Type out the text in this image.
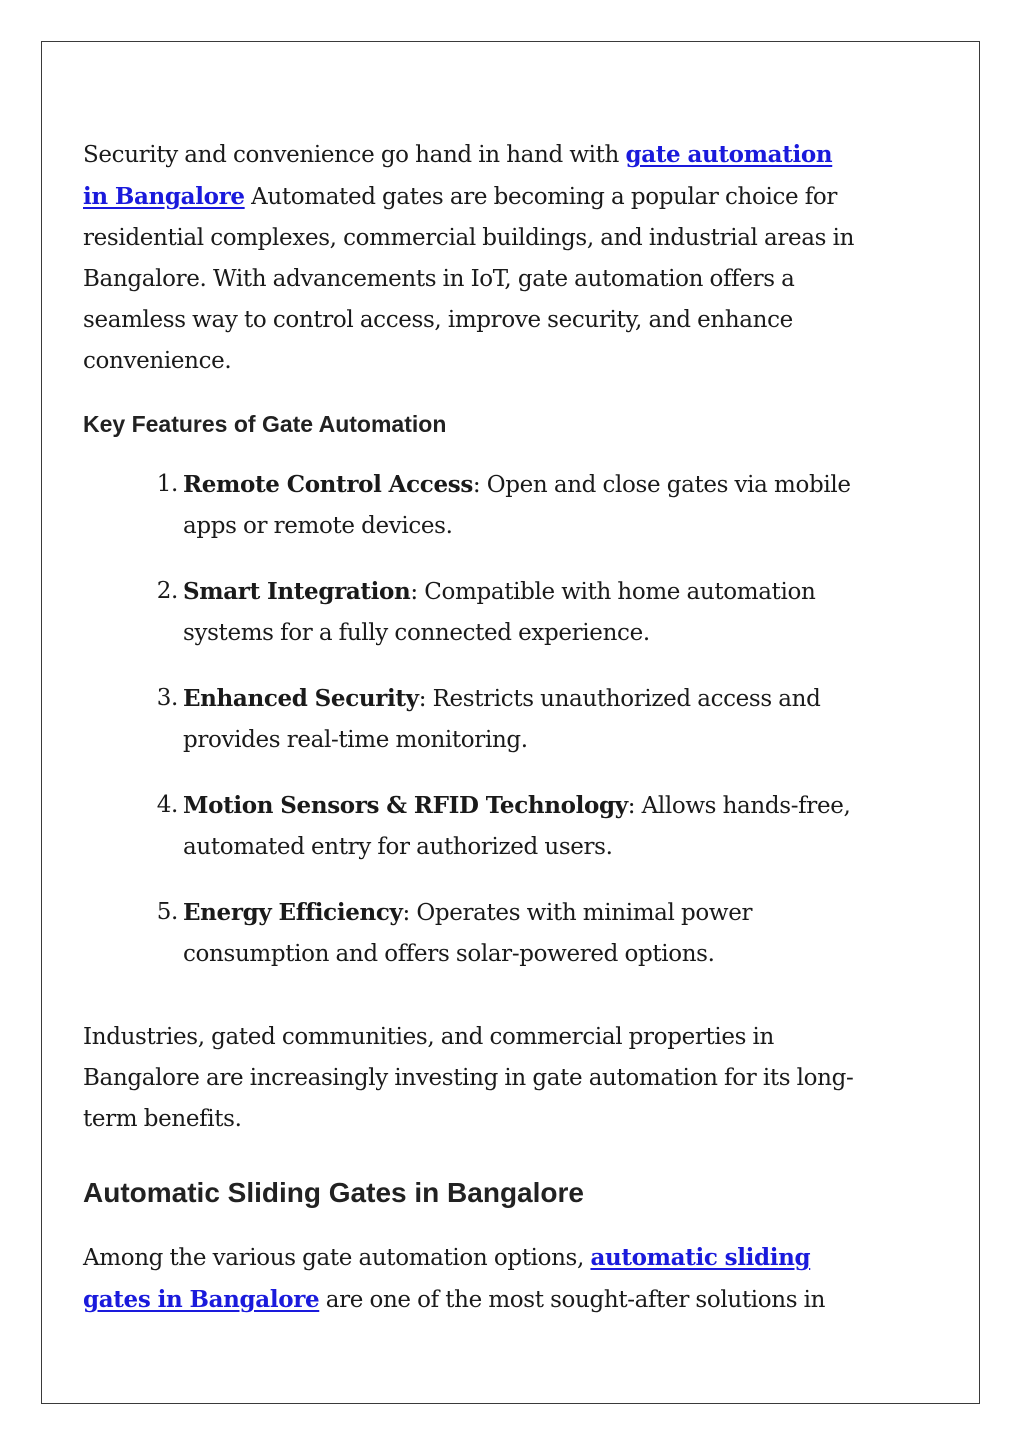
Security and convenience go hand in hand with gate automation in Bangalore Automated gates are becoming a popular choice for residential complexes, commercial buildings, and industrial areas in Bangalore. With advancements in IoT, gate automation offers a seamless way to control access, improve security, and enhance convenience.

Key Features of Gate Automation
1. Remote Control Access: Open and close gates via mobile apps or remote devices.
2. Smart Integration: Compatible with home automation systems for a fully connected experience.
3. Enhanced Security: Restricts unauthorized access and provides real-time monitoring.
4. Motion Sensors & RFID Technology: Allows hands-free, automated entry for authorized users.
5. Energy Efficiency: Operates with minimal power consumption and offers solar-powered options.

Industries, gated communities, and commercial properties in Bangalore are increasingly investing in gate automation for its long-term benefits.

Automatic Sliding Gates in Bangalore

Among the various gate automation options, automatic sliding gates in Bangalore are one of the most sought-after solutions in
